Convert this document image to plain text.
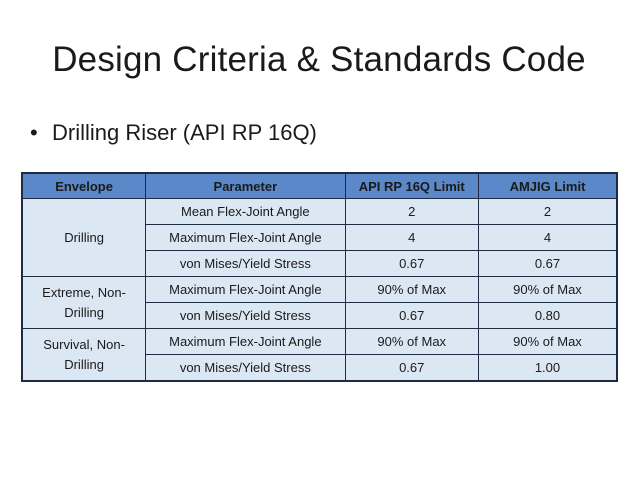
Design Criteria & Standards Code
• Drilling Riser (API RP 16Q)
Envelope	Parameter	API RP 16Q Limit	AMJIG Limit
Drilling	Mean Flex-Joint Angle	2	2
	Maximum Flex-Joint Angle	4	4
	von Mises/Yield Stress	0.67	0.67
Extreme, Non-
Drilling	Maximum Flex-Joint Angle	90% of Max	90% of Max
	von Mises/Yield Stress	0.67	0.80
Survival, Non-
Drilling	Maximum Flex-Joint Angle	90% of Max	90% of Max
	von Mises/Yield Stress	0.67	1.00
